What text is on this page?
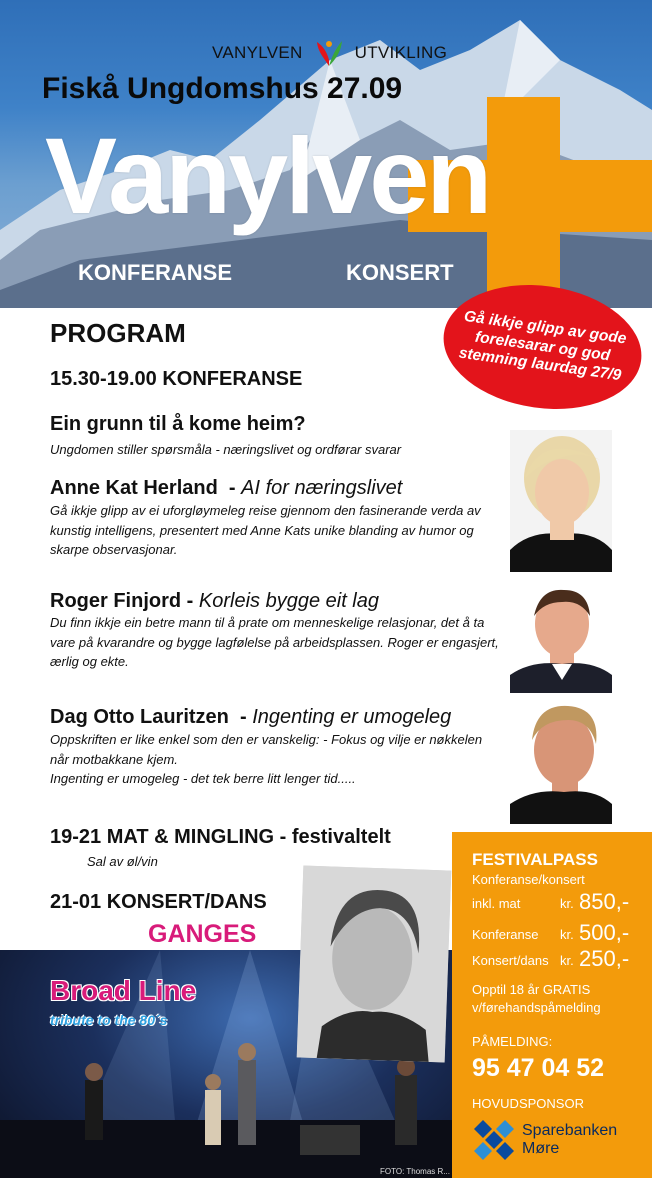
VANYLVEN	UTVIKLING
Fiskå Ungdomshus 27.09
Vanylven
KONFERANSE	KONSERT
Gå ikkje glipp av gode forelesarar og god stemning laurdag 27/9
PROGRAM
15.30-19.00 KONFERANSE
Ein grunn til å kome heim?
Ungdomen stiller spørsmåla - næringslivet og ordførar svarar
Anne Kat Herland  - AI for næringslivet
Gå ikkje glipp av ei uforgløymeleg reise gjennom den fasinerande verda av kunstig intelligens, presentert med Anne Kats unike blanding av humor og skarpe observasjonar.
Roger Finjord - Korleis bygge eit lag
Du finn ikkje ein betre mann til å prate om menneskelige relasjonar, det å ta vare på kvarandre og bygge lagfølelse på arbeidsplassen. Roger er engasjert, ærlig og ekte.
Dag Otto Lauritzen  - Ingenting er umogeleg
Oppskriften er like enkel som den er vanskelig: - Fokus og vilje er nøkkelen når motbakkane kjem.
Ingenting er umogeleg - det tek berre litt lenger tid.....
19-21 MAT & MINGLING - festivaltelt
Sal av øl/vin
21-01 KONSERT/DANS
GANGES
Broad Line
tribute to the 80´s
FOTO: Thomas R...
FESTIVALPASS
Konferanse/konsert
inkl. mat	kr. 850,-
Konferanse kr. 500,-
Konsert/dans kr. 250,-
Opptil 18 år GRATIS
v/førehandspåmelding
PÅMELDING:
95 47 04 52
HOVUDSPONSOR
Sparebanken
Møre
